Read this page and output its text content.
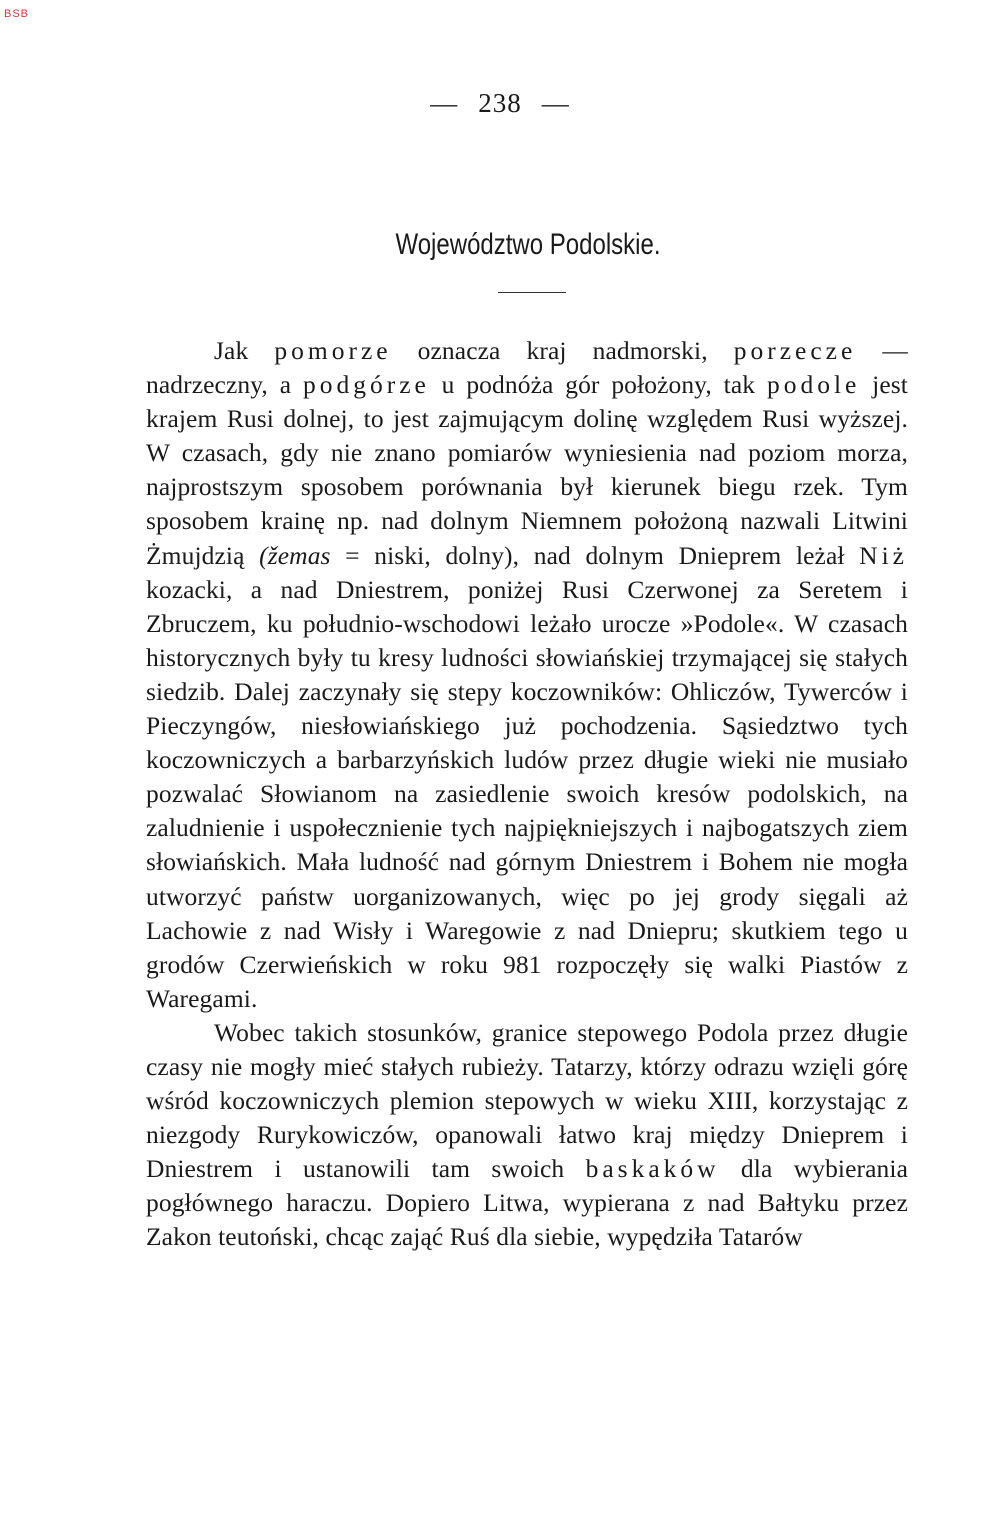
BSB
— 238 —
Województwo Podolskie.

Jak pomorze oznacza kraj nadmorski, porzecze — nadrzeczny, a podgórze u podnóża gór położony, tak podole jest krajem Rusi dolnej, to jest zajmującym dolinę względem Rusi wyższej. W czasach, gdy nie znano pomiarów wyniesienia nad poziom morza, najprostszym sposobem porównania był kierunek biegu rzek. Tym sposobem krainę np. nad dolnym Niemnem położoną nazwali Litwini Żmujdzią (žemas = niski, dolny), nad dolnym Dnieprem leżał Niż kozacki, a nad Dniestrem, poniżej Rusi Czerwonej za Seretem i Zbruczem, ku południo-wschodowi leżało urocze »Podole«. W czasach historycznych były tu kresy ludności słowiańskiej trzymającej się stałych siedzib. Dalej zaczynały się stepy koczowników: Ohliczów, Tywerców i Pieczyngów, niesłowiańskiego już pochodzenia. Sąsiedztwo tych koczowniczych a barbarzyńskich ludów przez długie wieki nie musiało pozwalać Słowianom na zasiedlenie swoich kresów podolskich, na zaludnienie i uspołecznienie tych najpiękniejszych i najbogatszych ziem słowiańskich. Mała ludność nad górnym Dniestrem i Bohem nie mogła utworzyć państw uorganizowanych, więc po jej grody sięgali aż Lachowie z nad Wisły i Waregowie z nad Dniepru; skutkiem tego u grodów Czerwieńskich w roku 981 rozpoczęły się walki Piastów z Waregami.

Wobec takich stosunków, granice stepowego Podola przez długie czasy nie mogły mieć stałych rubieży. Tatarzy, którzy odrazu wzięli górę wśród koczowniczych plemion stepowych w wieku XIII, korzystając z niezgody Rurykowiczów, opanowali łatwo kraj między Dnieprem i Dniestrem i ustanowili tam swoich baskaków dla wybierania pogłównego haraczu. Dopiero Litwa, wypierana z nad Bałtyku przez Zakon teutoński, chcąc zająć Ruś dla siebie, wypędziła Tatarów
